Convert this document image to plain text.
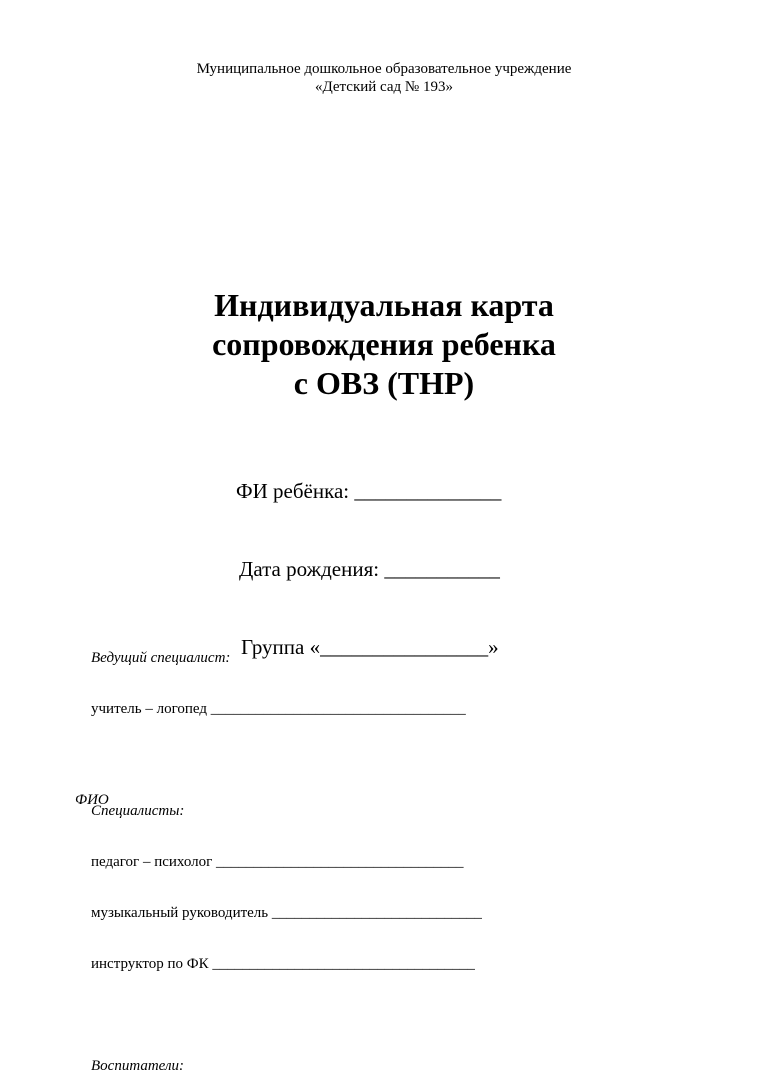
Муниципальное дошкольное образовательное учреждение
«Детский сад № 193»
Индивидуальная карта
сопровождения ребенка
с ОВЗ (ТНР)

ФИ ребёнка: ______________

Дата рождения: ___________

Группа «________________»

Ведущий специалист:

учитель – логопед __________________________________

Специалисты:

педагог – психолог _________________________________

музыкальный руководитель ____________________________

инструктор по ФК ___________________________________

Воспитатели:

ФИО
